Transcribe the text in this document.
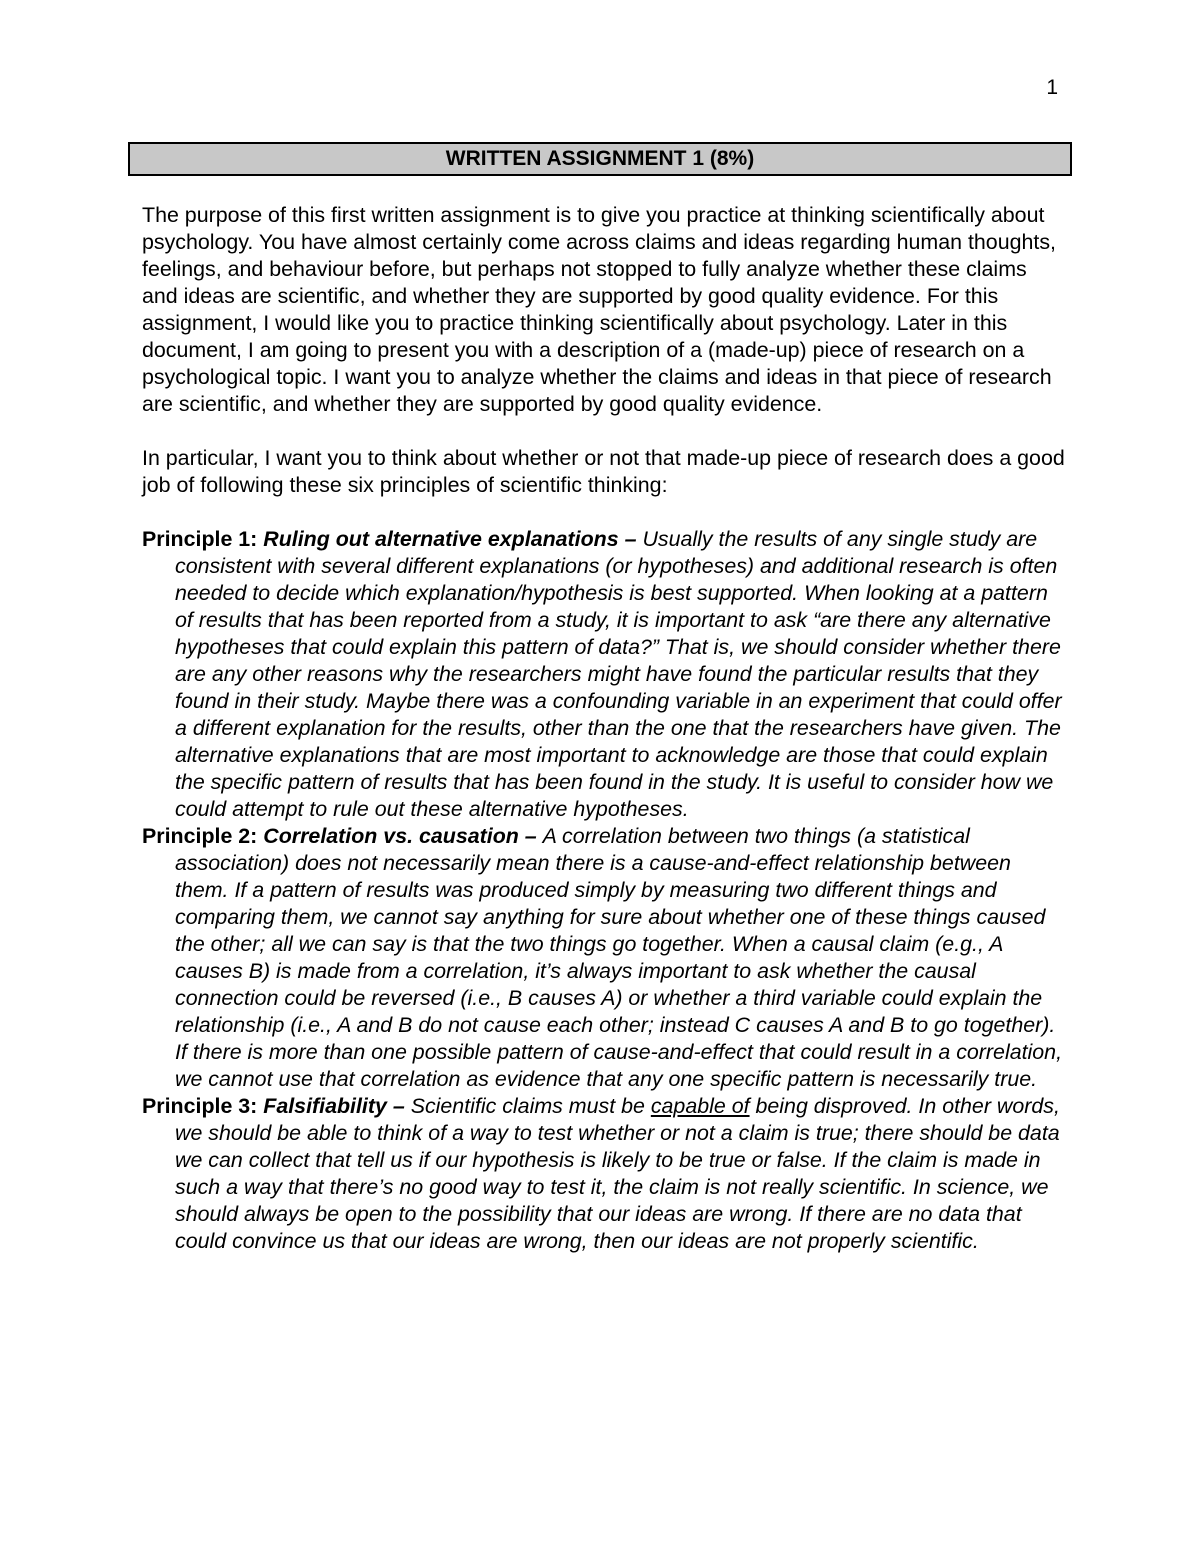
1
WRITTEN ASSIGNMENT 1 (8%)

The purpose of this first written assignment is to give you practice at thinking scientifically about psychology. You have almost certainly come across claims and ideas regarding human thoughts, feelings, and behaviour before, but perhaps not stopped to fully analyze whether these claims and ideas are scientific, and whether they are supported by good quality evidence. For this assignment, I would like you to practice thinking scientifically about psychology. Later in this document, I am going to present you with a description of a (made-up) piece of research on a psychological topic. I want you to analyze whether the claims and ideas in that piece of research are scientific, and whether they are supported by good quality evidence.

In particular, I want you to think about whether or not that made-up piece of research does a good job of following these six principles of scientific thinking:

Principle 1: Ruling out alternative explanations – Usually the results of any single study are consistent with several different explanations (or hypotheses) and additional research is often needed to decide which explanation/hypothesis is best supported. When looking at a pattern of results that has been reported from a study, it is important to ask “are there any alternative hypotheses that could explain this pattern of data?” That is, we should consider whether there are any other reasons why the researchers might have found the particular results that they found in their study. Maybe there was a confounding variable in an experiment that could offer a different explanation for the results, other than the one that the researchers have given. The alternative explanations that are most important to acknowledge are those that could explain the specific pattern of results that has been found in the study. It is useful to consider how we could attempt to rule out these alternative hypotheses.

Principle 2: Correlation vs. causation – A correlation between two things (a statistical association) does not necessarily mean there is a cause-and-effect relationship between them. If a pattern of results was produced simply by measuring two different things and comparing them, we cannot say anything for sure about whether one of these things caused the other; all we can say is that the two things go together. When a causal claim (e.g., A causes B) is made from a correlation, it’s always important to ask whether the causal connection could be reversed (i.e., B causes A) or whether a third variable could explain the relationship (i.e., A and B do not cause each other; instead C causes A and B to go together). If there is more than one possible pattern of cause-and-effect that could result in a correlation, we cannot use that correlation as evidence that any one specific pattern is necessarily true.

Principle 3: Falsifiability – Scientific claims must be capable of being disproved. In other words, we should be able to think of a way to test whether or not a claim is true; there should be data we can collect that tell us if our hypothesis is likely to be true or false. If the claim is made in such a way that there’s no good way to test it, the claim is not really scientific. In science, we should always be open to the possibility that our ideas are wrong. If there are no data that could convince us that our ideas are wrong, then our ideas are not properly scientific.
